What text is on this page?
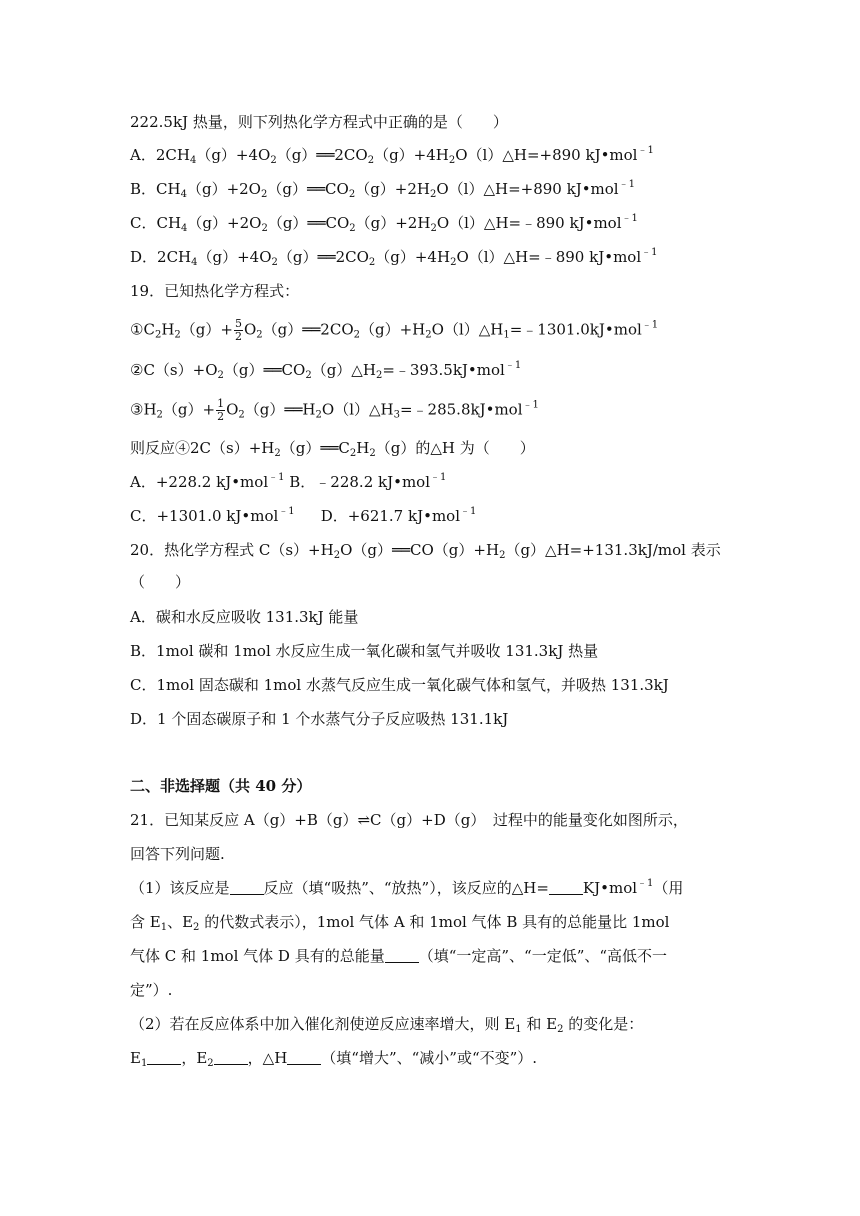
222.5kJ 热量，则下列热化学方程式中正确的是（　　）
A．$2CH_4(g)+4O_2(g)══2CO_2(g)+4H_2O(l)\triangle H=+890$ kJ•mol$^{﹣1}$
B．$CH_4(g)+2O_2(g)══CO_2(g)+2H_2O(l)\triangle H=+890$ kJ•mol$^{﹣1}$
C．$CH_4(g)+2O_2(g)══CO_2(g)+2H_2O(l)\triangle H=﹣890$ kJ•mol$^{﹣1}$
D．$2CH_4(g)+4O_2(g)══2CO_2(g)+4H_2O(l)\triangle H=﹣890$ kJ•mol$^{﹣1}$
19．已知热化学方程式：
$①C_2H_2(g)+ \frac{5}{2}$ $O_2(g)══2CO_2(g)+H_2O(l)\triangle H_1=﹣1301.0kJ•mol^{﹣1}$
$②C(s)+O_2(g)══CO_2(g)\triangle H_2=﹣393.5kJ•mol^{﹣1}$
$③H_2(g)+ \frac{1}{2}$ $O_2(g)══H_2O(l)\triangle H_3=﹣285.8kJ•mol^{﹣1}$
则反应$④2C(s)+H_2(g)══C_2H_2(g)$的△H 为（　　）
A．+228.2 kJ•mol$^{﹣1}$ B．﹣228.2 kJ•mol$^{﹣1}$
C．+1301.0 kJ•mol$^{﹣1}$ D．+621.7 kJ•mol$^{﹣1}$
20．热化学方程式 $C(s)+H_2O(g)══CO(g)+H_2(g)\triangle H=+131.3kJ$/mol 表示
（　　）
A．碳和水反应吸收 131.3kJ 能量
B．1mol 碳和 1mol 水反应生成一氧化碳和氢气并吸收 131.3kJ 热量
C．1mol 固态碳和 1mol 水蒸气反应生成一氧化碳气体和氢气，并吸热 131.3kJ
D．1 个固态碳原子和 1 个水蒸气分子反应吸热 131.1kJ
二、非选择题（共 40 分）
21．已知某反应 A（g）+B（g）⇌C（g）+D（g）　过程中的能量变化如图所示，
回答下列问题.
（1）该反应是 反应（填“吸热”、“放热”），该反应的△H= KJ•mol$^{﹣1}$（用
含 $E_1$、$E_2$ 的代数式表示），1mol 气体 A 和 1mol 气体 B 具有的总能量比 1mol
气体 C 和 1mol 气体 D 具有的总能量 （填“一定高”、“一定低”、“高低不一
定”）.
（2）若在反应体系中加入催化剂使逆反应速率增大，则 $E_1$ 和 $E_2$ 的变化是：
$E_1$ ，$E_2$ ，△H （填“增大”、“减小”或“不变”）.
